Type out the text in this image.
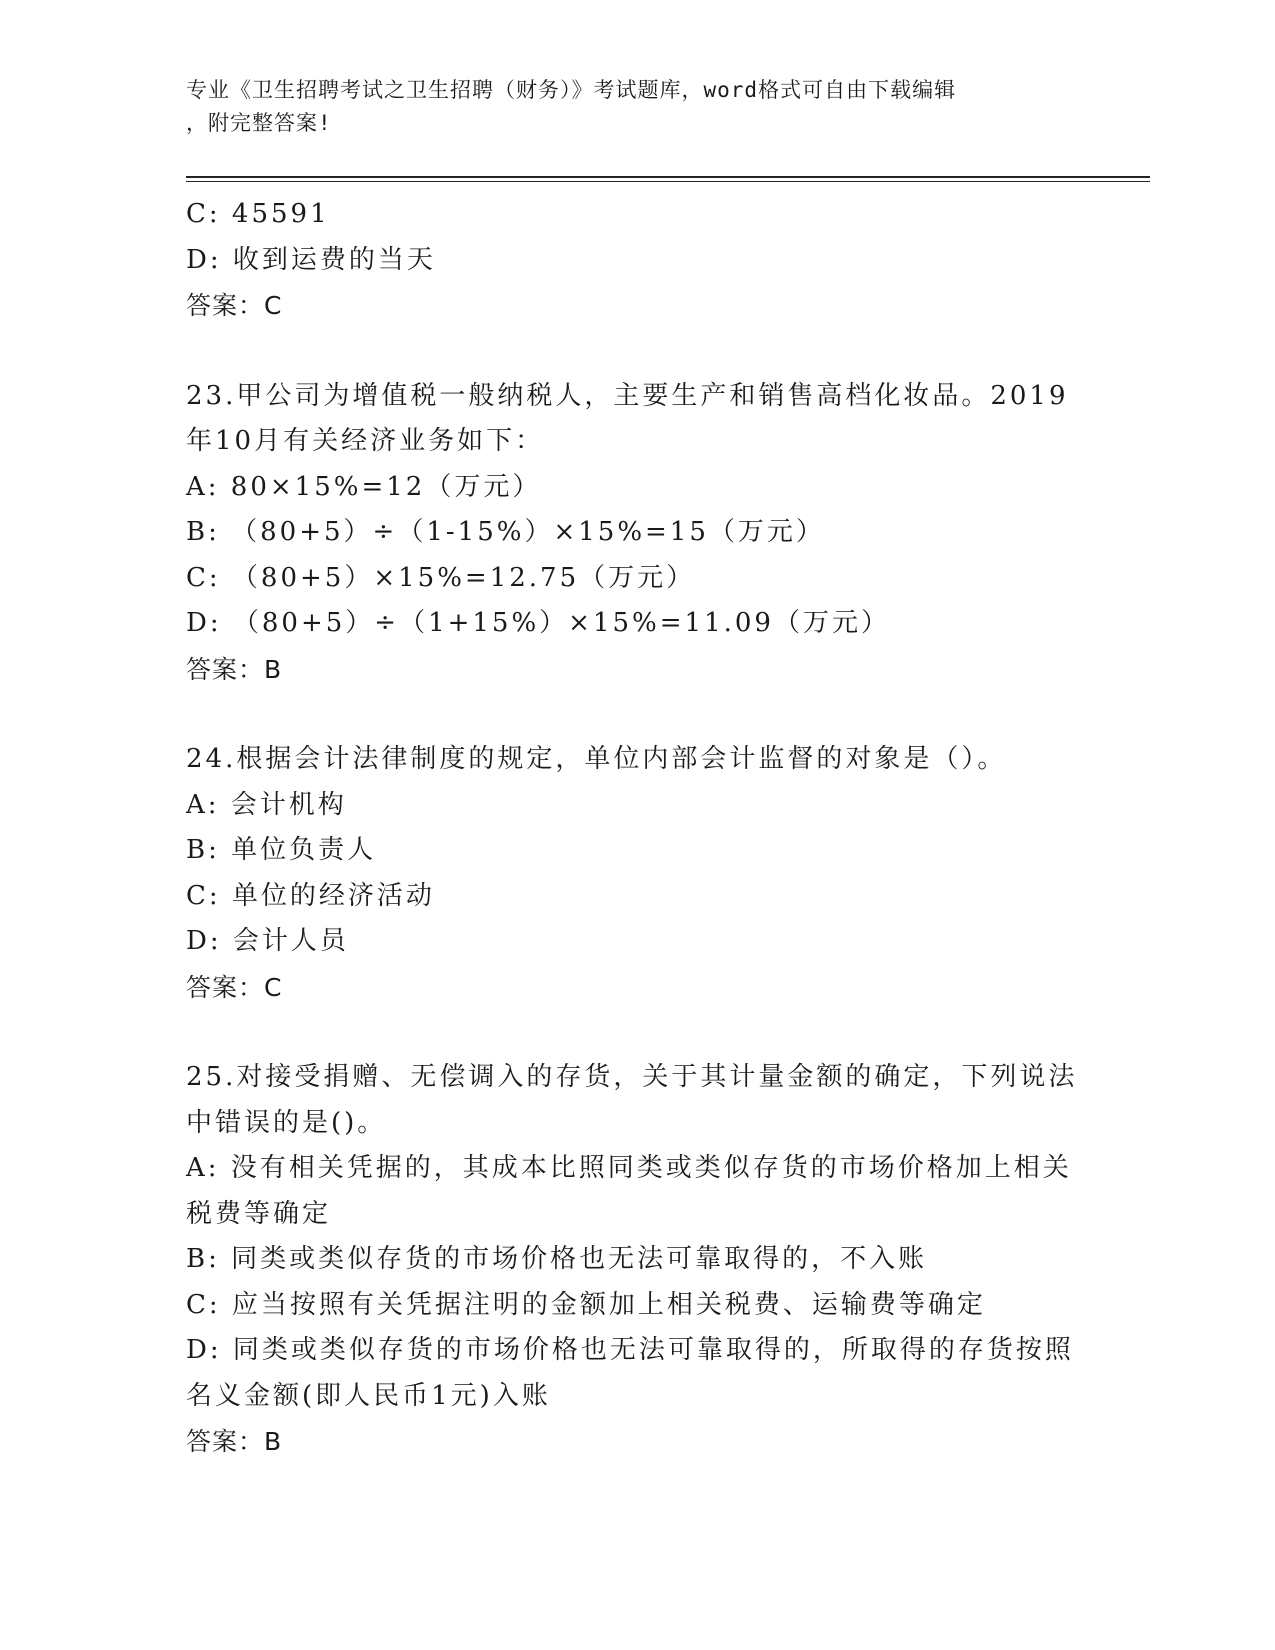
专业《卫生招聘考试之卫生招聘（财务）》考试题库，word格式可自由下载编辑
，附完整答案!
C: 45591
D: 收到运费的当天
答案：C
23.甲公司为增值税一般纳税人，主要生产和销售高档化妆品。2019
年10月有关经济业务如下：
A: 80×15%=12（万元）
B: （80+5）÷（1-15%）×15%=15（万元）
C: （80+5）×15%=12.75（万元）
D: （80+5）÷（1+15%）×15%=11.09（万元）
答案：B
24.根据会计法律制度的规定，单位内部会计监督的对象是（）。
A: 会计机构
B: 单位负责人
C: 单位的经济活动
D: 会计人员
答案：C
25.对接受捐赠、无偿调入的存货，关于其计量金额的确定，下列说法
中错误的是()。
A: 没有相关凭据的，其成本比照同类或类似存货的市场价格加上相关
税费等确定
B: 同类或类似存货的市场价格也无法可靠取得的，不入账
C: 应当按照有关凭据注明的金额加上相关税费、运输费等确定
D: 同类或类似存货的市场价格也无法可靠取得的，所取得的存货按照
名义金额(即人民币1元)入账
答案：B
